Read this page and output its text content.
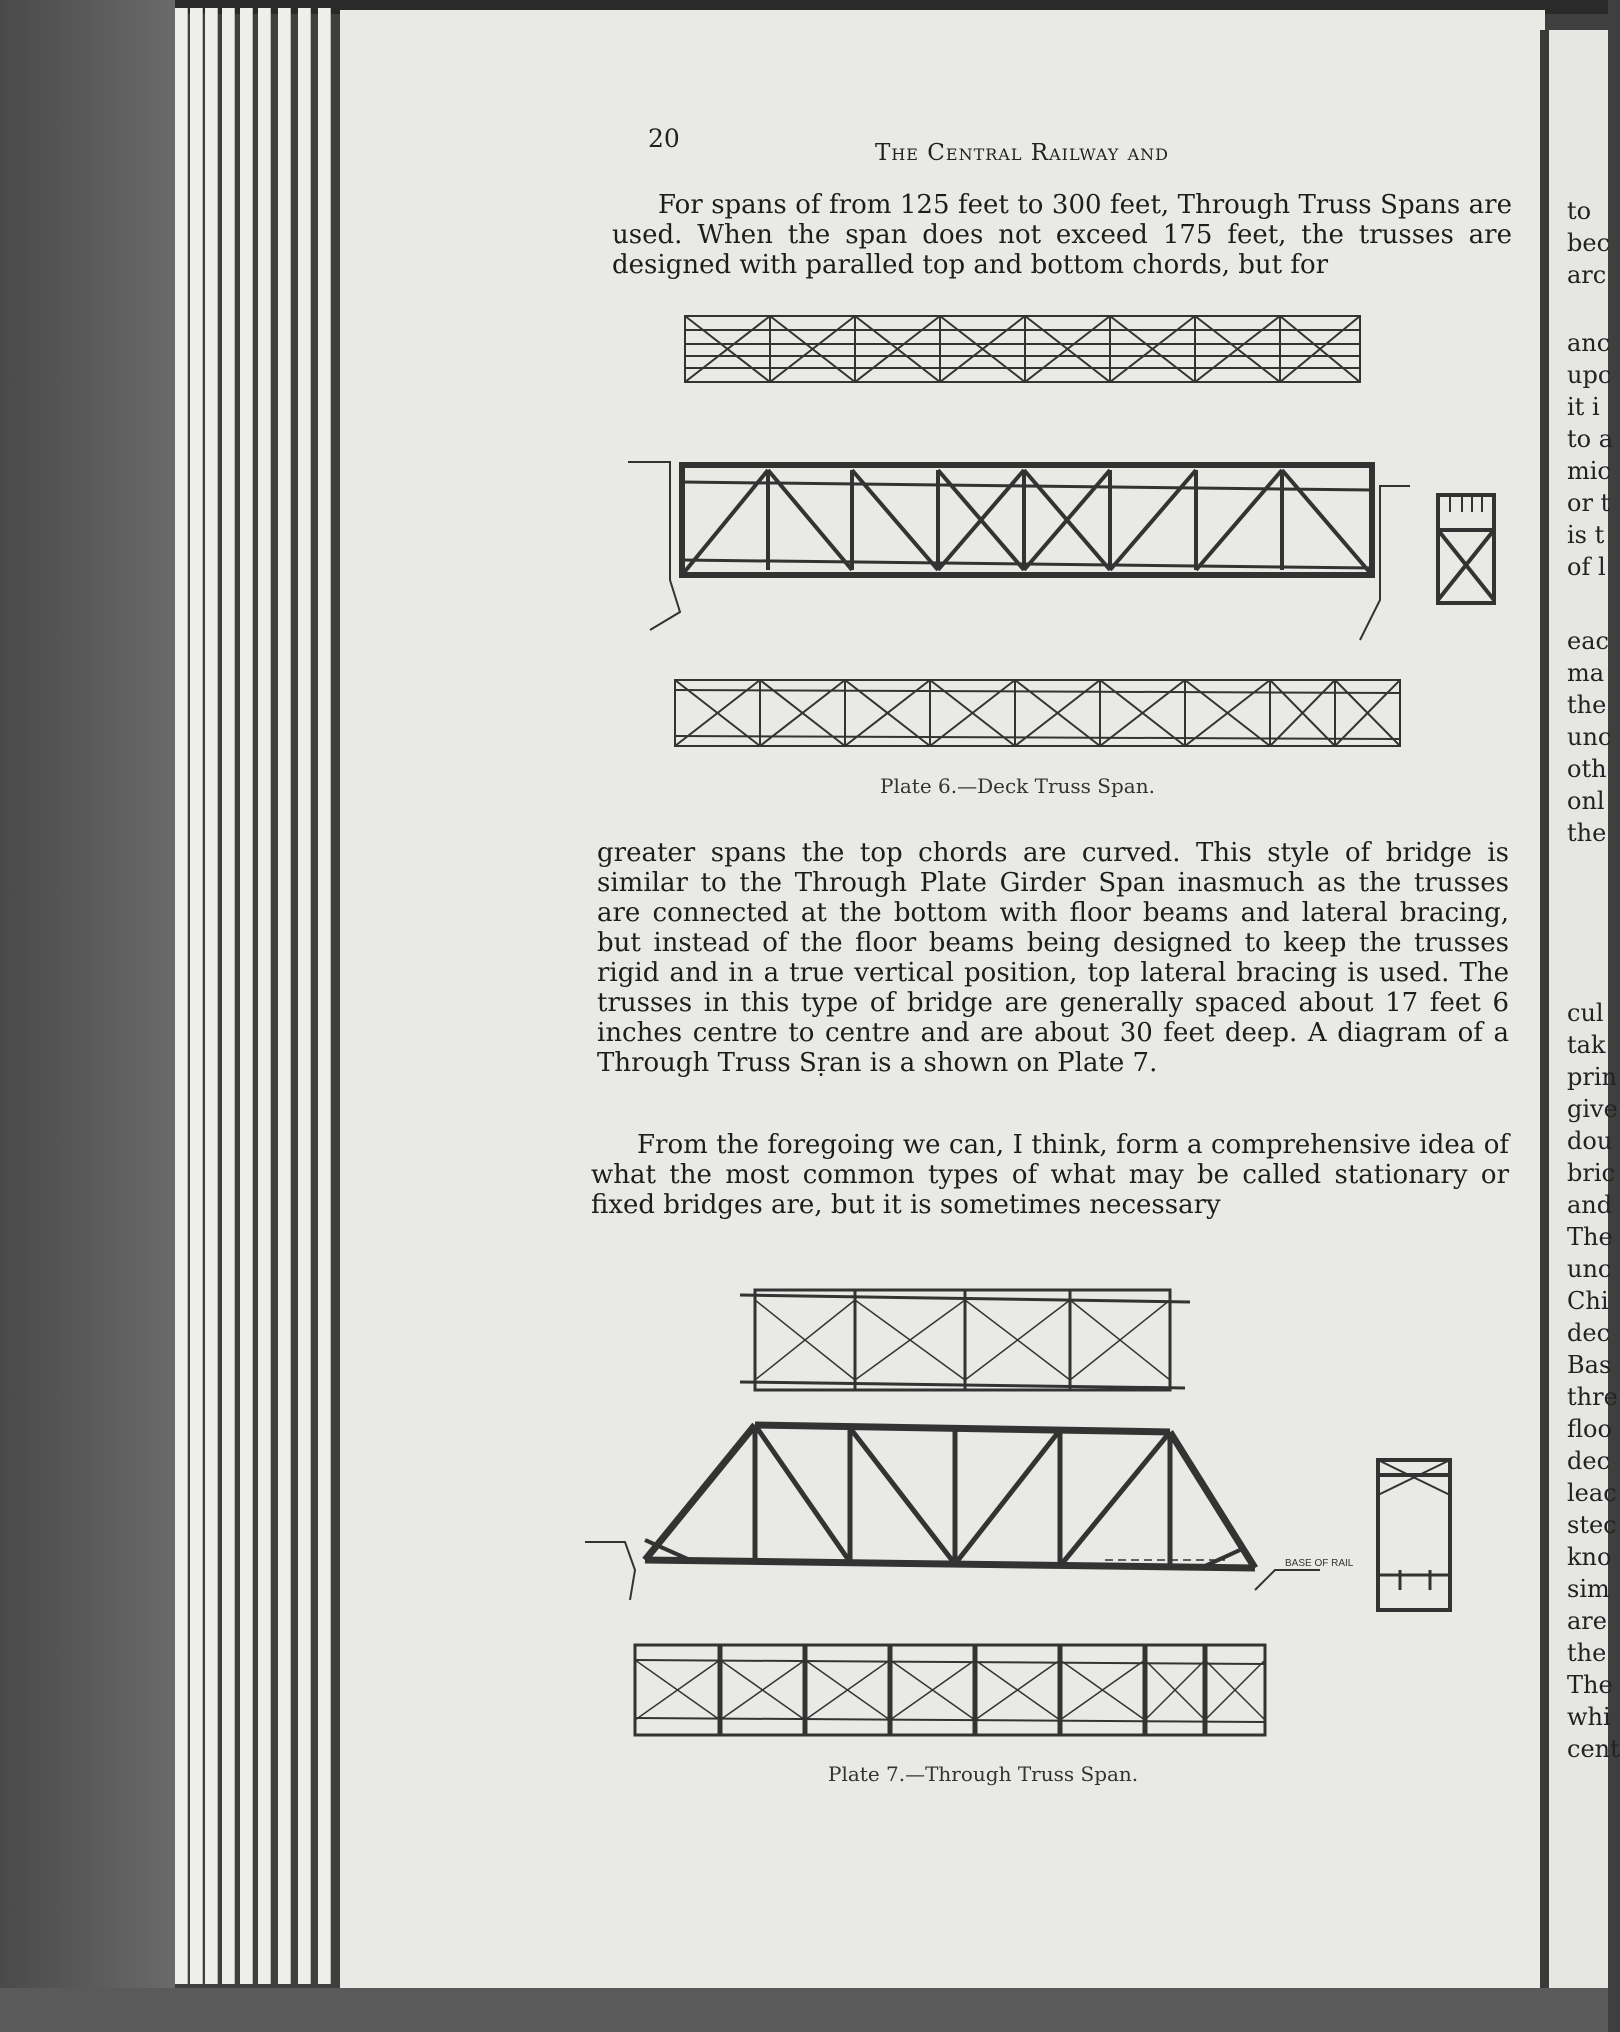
20	The Central Railway and
For spans of from 125 feet to 300 feet, Through Truss Spans are used. When the span does not exceed 175 feet, the trusses are designed with paralled top and bottom chords, but for
Plate 6.—Deck Truss Span.
greater spans the top chords are curved. This style of bridge is similar to the Through Plate Girder Span inasmuch as the trusses are connected at the bottom with floor beams and lateral bracing, but instead of the floor beams being designed to keep the trusses rigid and in a true vertical position, top lateral bracing is used. The trusses in this type of bridge are generally spaced about 17 feet 6 inches centre to centre and are about 30 feet deep. A diagram of a Through Truss Sṛan is a shown on Plate 7.
From the foregoing we can, I think, form a comprehensive idea of what the most common types of what may be called stationary or fixed bridges are, but it is sometimes necessary
BASE OF RAIL
Plate 7.—Through Truss Span.
to
bec
arc
anc
upc
it i
to a
mic
or t
is t
of l
eac
ma
the
unc
oth
onl
the
cul
tak
prin
give
dou
bric
and
The
unc
Chi
dec
Bas
thre
floo
dec
leac
stec
kno
sim
are
the
The
whi
cent
